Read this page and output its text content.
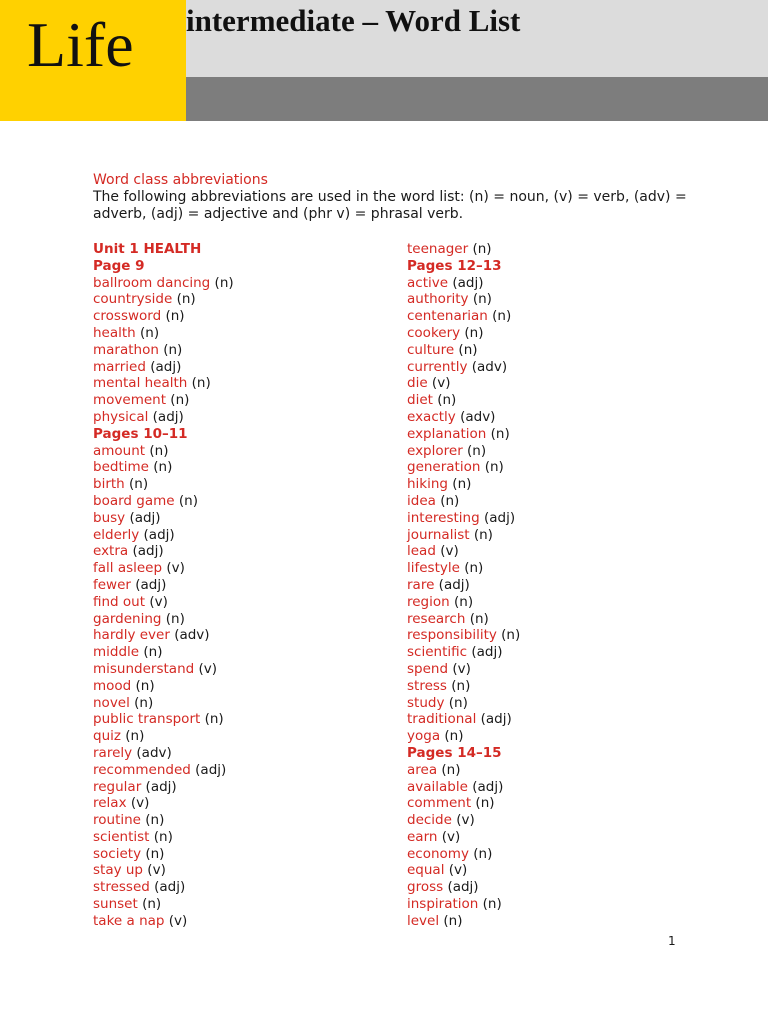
Life intermediate – Word List
Word class abbreviations
The following abbreviations are used in the word list: (n) = noun, (v) = verb, (adv) = adverb, (adj) = adjective and (phr v) = phrasal verb.
Unit 1 HEALTH
Page 9
ballroom dancing (n)
countryside (n)
crossword (n)
health (n)
marathon (n)
married (adj)
mental health (n)
movement (n)
physical (adj)
Pages 10–11
amount (n)
bedtime (n)
birth (n)
board game (n)
busy (adj)
elderly (adj)
extra (adj)
fall asleep (v)
fewer (adj)
find out (v)
gardening (n)
hardly ever (adv)
middle (n)
misunderstand (v)
mood (n)
novel (n)
public transport (n)
quiz (n)
rarely (adv)
recommended (adj)
regular (adj)
relax (v)
routine (n)
scientist (n)
society (n)
stay up (v)
stressed (adj)
sunset (n)
take a nap (v)
teenager (n)
Pages 12–13
active (adj)
authority (n)
centenarian (n)
cookery (n)
culture (n)
currently (adv)
die (v)
diet (n)
exactly (adv)
explanation (n)
explorer (n)
generation (n)
hiking (n)
idea (n)
interesting (adj)
journalist (n)
lead (v)
lifestyle (n)
rare (adj)
region (n)
research (n)
responsibility (n)
scientific (adj)
spend (v)
stress (n)
study (n)
traditional (adj)
yoga (n)
Pages 14–15
area (n)
available (adj)
comment (n)
decide (v)
earn (v)
economy (n)
equal (v)
gross (adj)
inspiration (n)
level (n)
1
